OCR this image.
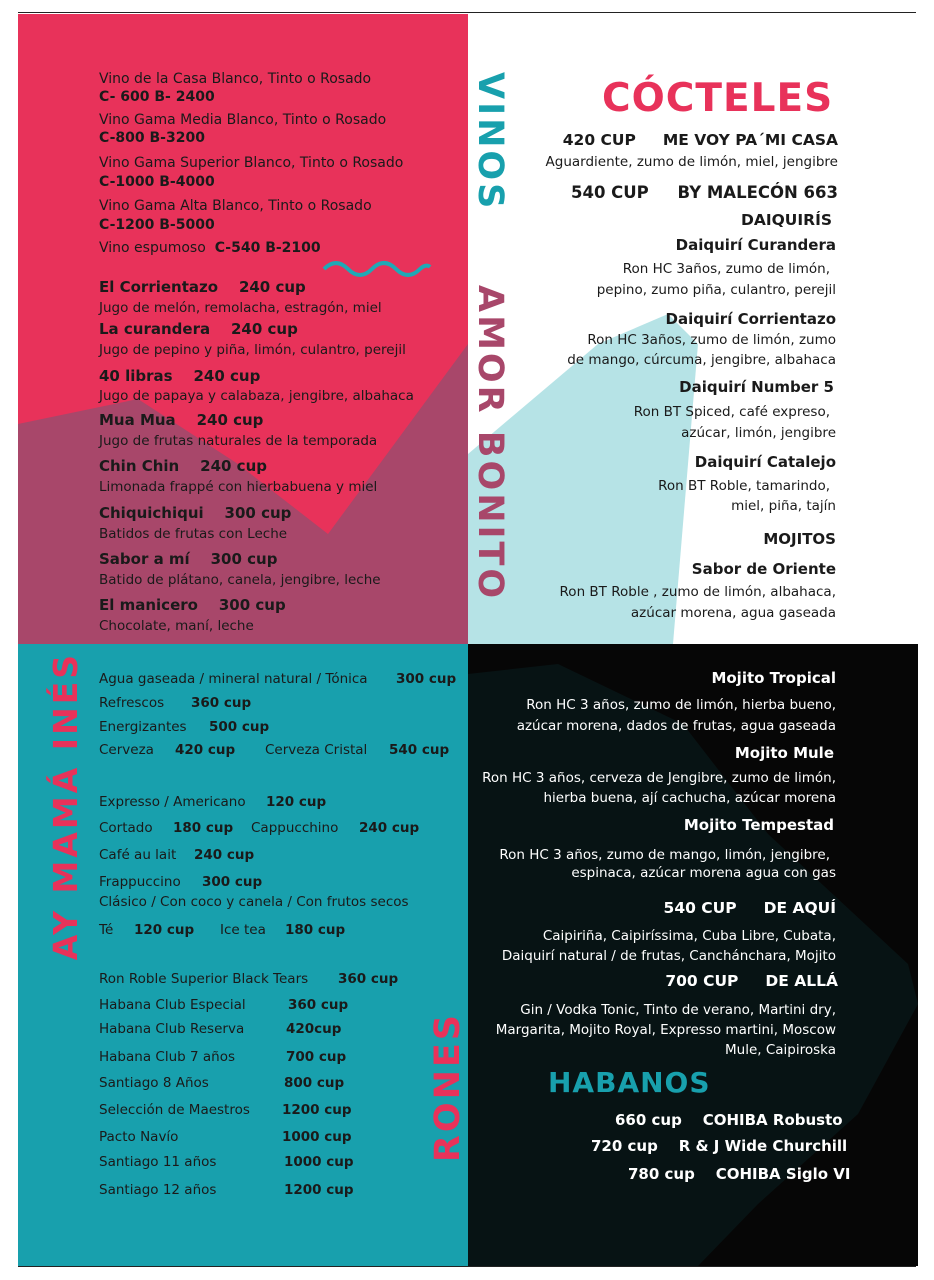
VINOS
AMOR BONITO
AY MAMÁ INÉS
RONES
Vino de la Casa Blanco, Tinto o Rosado
C- 600 B- 2400
Vino Gama Media Blanco, Tinto o Rosado
C-800 B-3200
Vino Gama Superior Blanco, Tinto o Rosado
C-1000 B-4000
Vino Gama Alta Blanco, Tinto o Rosado
C-1200 B-5000
Vino espumoso C-540 B-2100
El Corrientazo 240 cup
Jugo de melón, remolacha, estragón, miel
La curandera 240 cup
Jugo de pepino y piña, limón, culantro, perejil
40 libras 240 cup
Jugo de papaya y calabaza, jengibre, albahaca
Mua Mua 240 cup
Jugo de frutas naturales de la temporada
Chin Chin 240 cup
Limonada frappé con hierbabuena y miel
Chiquichiqui 300 cup
Batidos de frutas con Leche
Sabor a mí 300 cup
Batido de plátano, canela, jengibre, leche
El manicero 300 cup
Chocolate, maní, leche
Agua gaseada / mineral natural / Tónica 300 cup
Refrescos 360 cup
Energizantes 500 cup
Cerveza 420 cup Cerveza Cristal 540 cup
Expresso / Americano 120 cup
Cortado 180 cup Cappucchino 240 cup
Café au lait 240 cup
Frappuccino 300 cup
Clásico / Con coco y canela / Con frutos secos
Té 120 cup Ice tea 180 cup
Ron Roble Superior Black Tears 360 cup
Habana Club Especial	360 cup
Habana Club Reserva	420cup
Habana Club 7 años	700 cup
Santiago 8 Años	800 cup
Selección de Maestros 1200 cup
Pacto Navío	1000 cup
Santiago 11 años	1000 cup
Santiago 12 años	1200 cup
CÓCTELES
420 CUP ME VOY PA´MI CASA
Aguardiente, zumo de limón, miel, jengibre
540 CUP BY MALECÓN 663
DAIQUIRÍS
Daiquirí Curandera
Ron HC 3años, zumo de limón,
pepino, zumo piña, culantro, perejil
Daiquirí Corrientazo
Ron HC 3años, zumo de limón, zumo
de mango, cúrcuma, jengibre, albahaca
Daiquirí Number 5
Ron BT Spiced, café expreso,
azúcar, limón, jengibre
Daiquirí Catalejo
Ron BT Roble, tamarindo,
miel, piña, tajín
MOJITOS
Sabor de Oriente
Ron BT Roble , zumo de limón, albahaca,
azúcar morena, agua gaseada
Mojito Tropical
Ron HC 3 años, zumo de limón, hierba bueno,
azúcar morena, dados de frutas, agua gaseada
Mojito Mule
Ron HC 3 años, cerveza de Jengibre, zumo de limón,
hierba buena, ají cachucha, azúcar morena
Mojito Tempestad
Ron HC 3 años, zumo de mango, limón, jengibre,
espinaca, azúcar morena agua con gas
540 CUP DE AQUÍ
Caipiriña, Caipiríssima, Cuba Libre, Cubata,
Daiquirí natural / de frutas, Canchánchara, Mojito
700 CUP DE ALLÁ
Gin / Vodka Tonic, Tinto de verano, Martini dry,
Margarita, Mojito Royal, Expresso martini, Moscow
Mule, Caipiroska
HABANOS
660 cup COHIBA Robusto
720 cup R & J Wide Churchill
780 cup COHIBA Siglo VI
